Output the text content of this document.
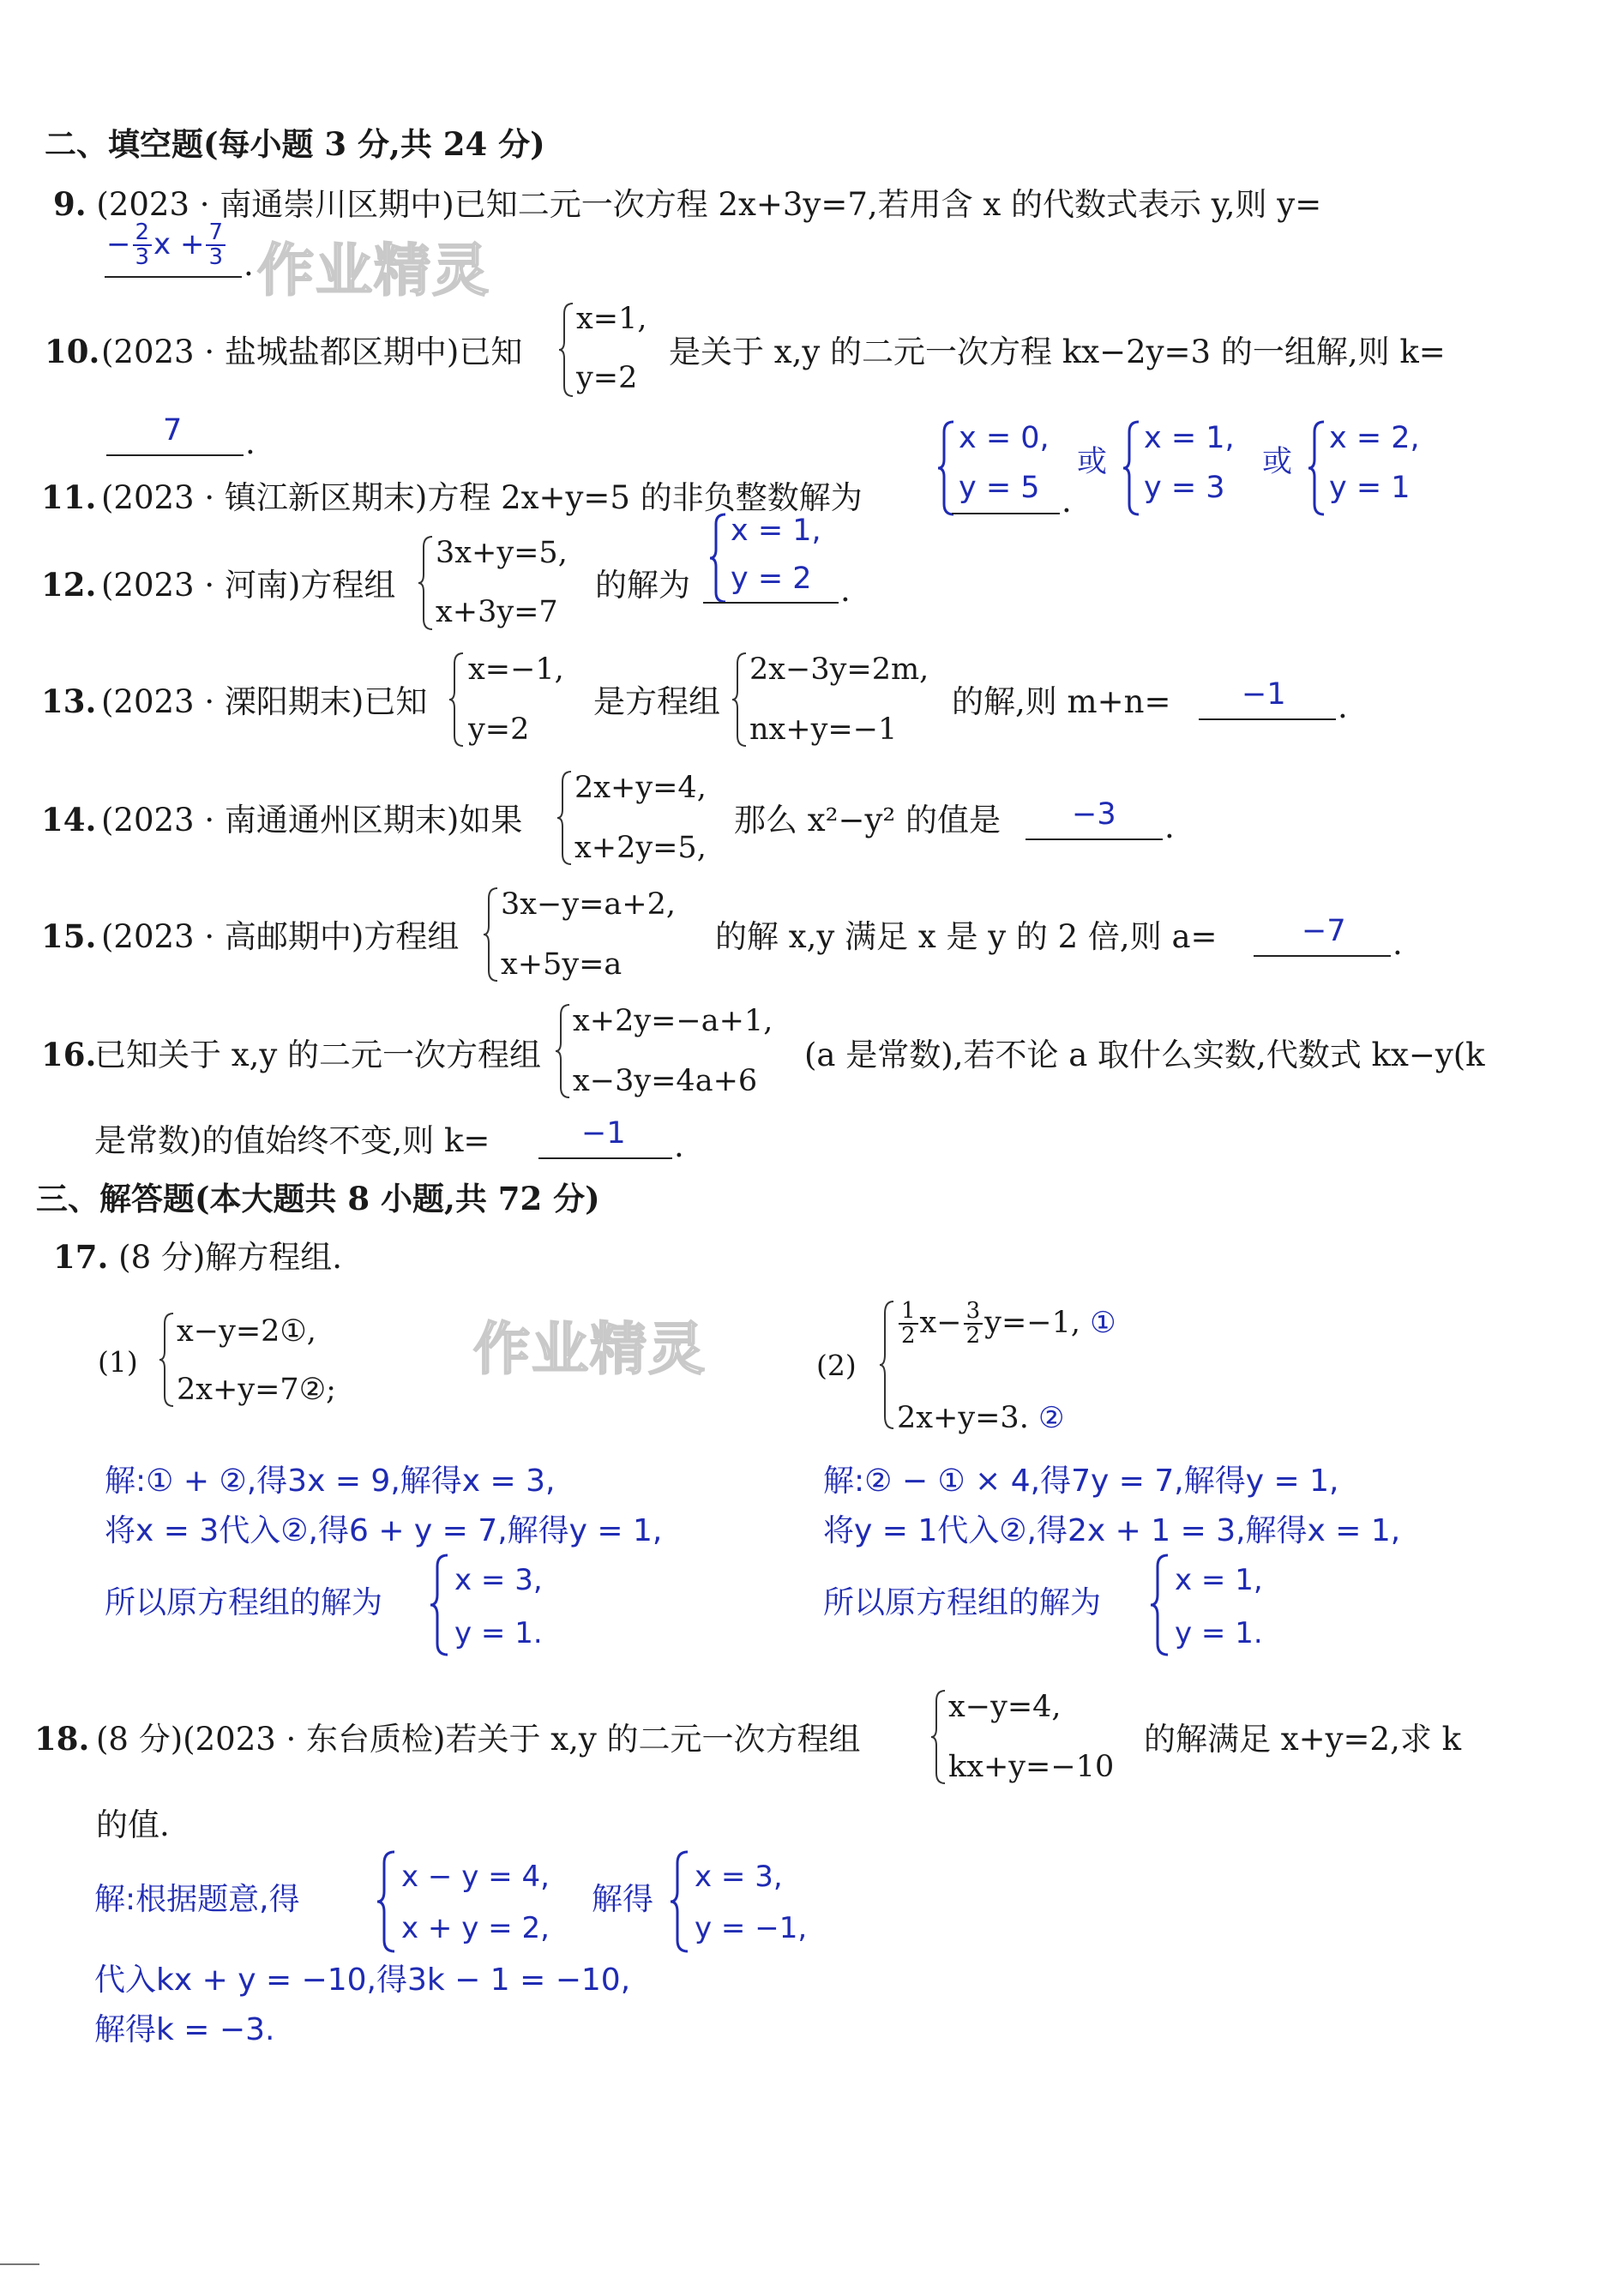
作业精灵
作业精灵
二、填空题(每小题 3 分,共 24 分)
9. (2023 · 南通崇川区期中)已知二元一次方程 2x+3y=7,若用含 x 的代数式表示 y,则 y=
− $\frac{2}{3}$ $x + \frac{7}{3}$ .
10. (2023 · 盐城盐都区期中)已知
x=1,
y=2
是关于 x,y 的二元一次方程 kx−2y=3 的一组解,则 k=
7 .
11. (2023 · 镇江新区期末)方程 2x+y=5 的非负整数解为
x = 0,
y = 5 .
或
x = 1,
y = 3
或
x = 2,
y = 1
12. (2023 · 河南)方程组
3x+y=5,
x+3y=7
的解为
x = 1,
y = 2 .
13. (2023 · 溧阳期末)已知
x=−1,
y=2
是方程组
2x−3y=2m,
nx+y=−1
的解,则 m+n= −1 .
14. (2023 · 南通通州区期末)如果
2x+y=4,
x+2y=5,
那么 x²−y² 的值是 −3 .
15. (2023 · 高邮期中)方程组
3x−y=a+2,
x+5y=a
的解 x,y 满足 x 是 y 的 2 倍,则 a=	−7 .
16.
已知关于 x,y 的二元一次方程组
x+2y=−a+1,
x−3y=4a+6
(a 是常数),若不论 a 取什么实数,代数式 kx−y(k
是常数)的值始终不变,则 k=	−1 .
三、解答题(本大题共 8 小题,共 72 分)
17. (8 分)解方程组.
(1)
x−y=2①,
2x+y=7②;
(2)
$\frac{1}{2} x- \frac{3}{2} y=-1$, ①
2x+y=3. ②
解:① + ②,得3x = 9,解得x = 3,
将x = 3代入②,得6 + y = 7,解得y = 1,
所以原方程组的解为
x = 3,
y = 1.
解:② − ① × 4,得7y = 7,解得y = 1,
将y = 1代入②,得2x + 1 = 3,解得x = 1,
所以原方程组的解为
x = 1,
y = 1.
18. (8 分)(2023 · 东台质检)若关于 x,y 的二元一次方程组
x−y=4,
kx+y=−10
的解满足 x+y=2,求 k
的值.
解:根据题意,得
x − y = 4,
x + y = 2,
解得
x = 3,
y = −1,
代入kx + y = −10,得3k − 1 = −10,
解得k = −3.
